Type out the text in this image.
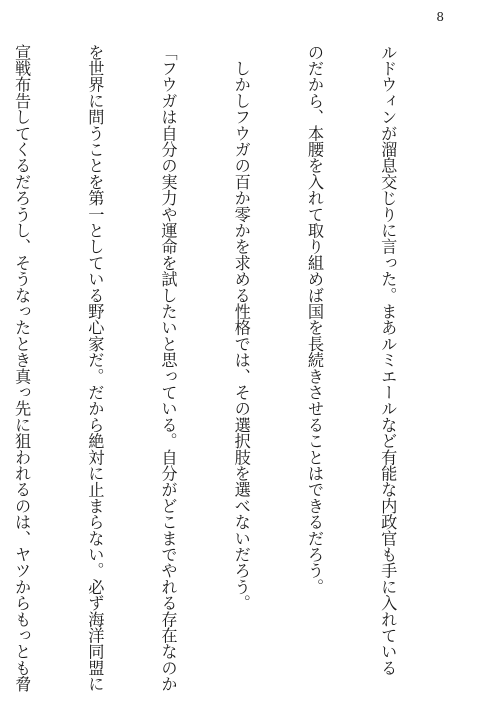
8

ルドウィンが溜息交じりに言った。まあルミエールなど有能な内政官も手に入れている

のだから、本腰を入れて取り組めば国を長続きさせることはできるだろう。

　しかしフウガの百か零かを求める性格では、その選択肢を選べないだろう。

「フウガは自分の実力や運命を試したいと思っている。自分がどこまでやれる存在なのか

を世界に問うことを第一としている野心家だ。だから絶対に止まらない。必ず海洋同盟に

宣戦布告してくるだろうし、そうなったとき真っ先に狙われるのは、ヤツからもっとも脅
